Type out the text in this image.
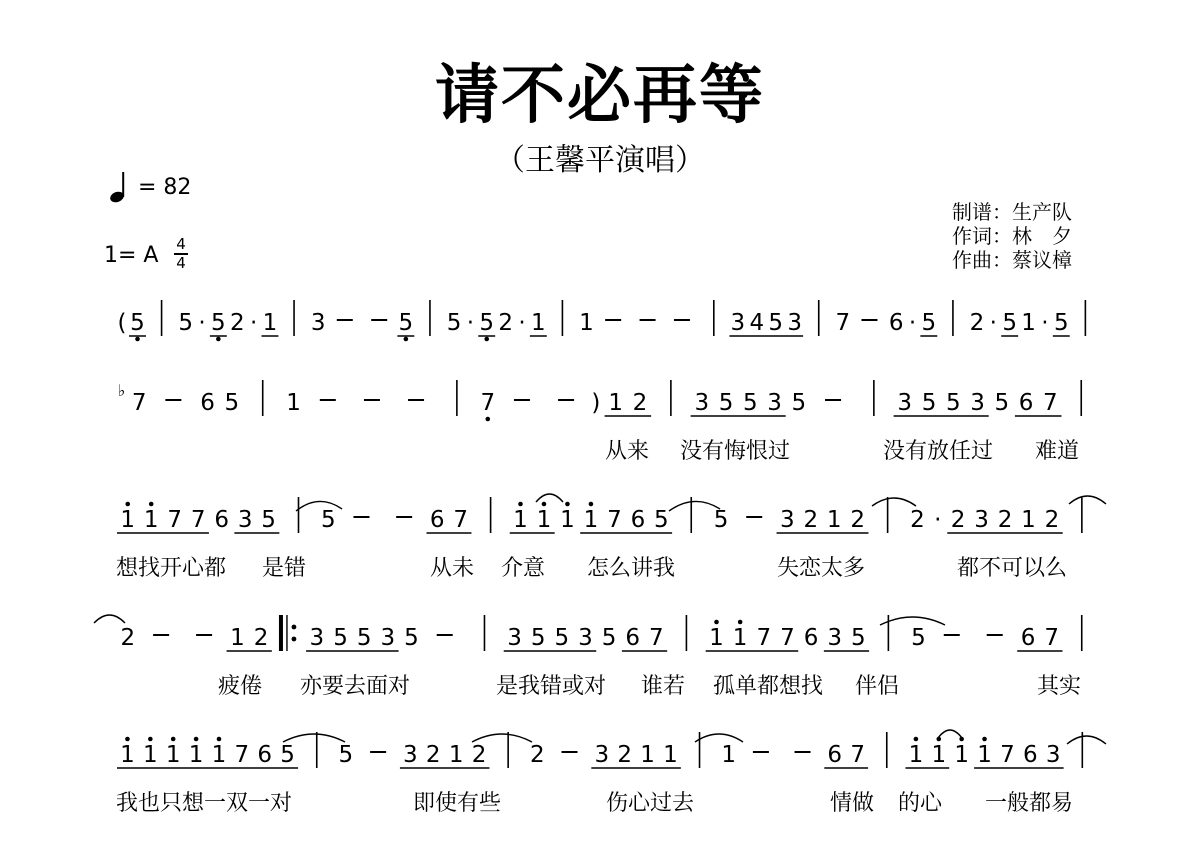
请不必再等
（王馨平演唱）
= 82
1= A 4
4
制谱：生产队
作词：林　夕
作曲：蔡议樟
( 5 5 · 5 2 · 1 3	5 5 · 5 2 · 1 1	3 4 5 3 7 6 · 5 2 · 5 1 · 5
♭ 7 6 5 1	7	) 1 2 3 5 5 3 5	3 5 5 3 5 6 7
从来 没有悔恨过	没有放任过 难道
1 1 7 7 6 3 5 5	6 7 1 1 1 1 7 6 5 5 3 2 1 2 2 · 2 3 2 1 2
想找开心都 是错	从未 介意 怎么讲我	失恋太多	都不可以么
2	1 2 3 5 5 3 5	3 5 5 3 5 6 7 1 1 7 7 6 3 5 5	6 7
疲倦 亦要去面对	是我错或对 谁若 孤单都想找 伴侣	其实
1 1 1 1 1 7 6 5 5 3 2 1 2 2 3 2 1 1 1	6 7 1 1 1 1 7 6 3
我也只想一双一对	即使有些	伤心过去	情做 的心 一般都易
